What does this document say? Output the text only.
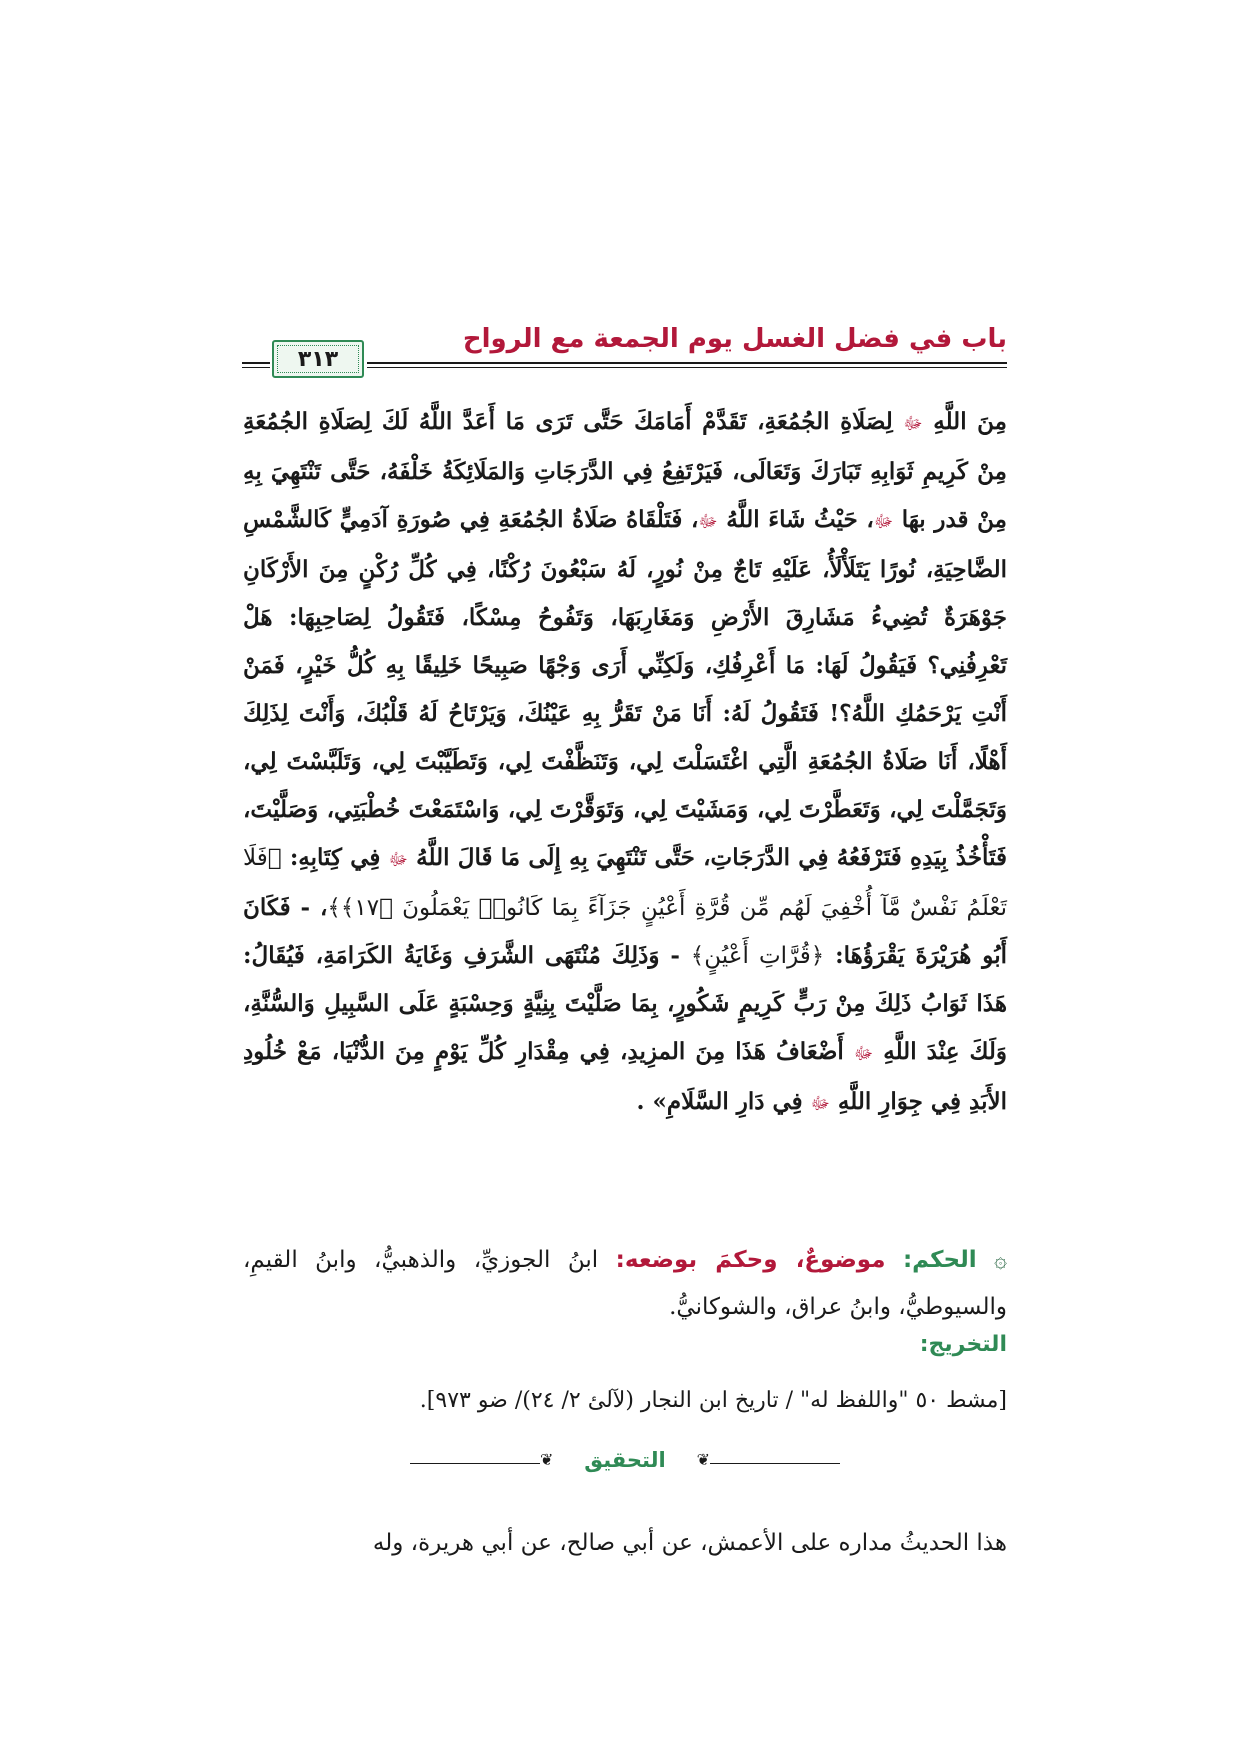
باب في فضل الغسل يوم الجمعة مع الرواح
٣١٣
مِنَ اللَّهِ ﷻ لِصَلَاةِ الجُمُعَةِ، تَقَدَّمْ أَمَامَكَ حَتَّى تَرَى مَا أَعَدَّ اللَّهُ لَكَ لِصَلَاةِ الجُمُعَةِ مِنْ كَرِيمِ ثَوَابِهِ تَبَارَكَ وَتَعَالَى، فَيَرْتَفِعُ فِي الدَّرَجَاتِ وَالمَلَائِكَةُ خَلْفَهُ، حَتَّى تَنْتَهِيَ بِهِ مِنْ قدر بهَا ﷻ، حَيْثُ شَاءَ اللَّهُ ﷻ، فَتَلْقَاهُ صَلَاةُ الجُمُعَةِ فِي صُورَةِ آدَمِيٍّ كَالشَّمْسِ الضَّاحِيَةِ، نُورًا يَتَلَأْلَأُ، عَلَيْهِ تَاجٌ مِنْ نُورٍ، لَهُ سَبْعُونَ رُكْنًا، فِي كُلِّ رُكْنٍ مِنَ الأَرْكَانِ جَوْهَرَةٌ تُضِيءُ مَشَارِقَ الأَرْضِ وَمَغَارِبَهَا، وَتَفُوحُ مِسْكًا، فَتَقُولُ لِصَاحِبِهَا: هَلْ تَعْرِفُنِي؟ فَيَقُولُ لَهَا: مَا أَعْرِفُكِ، وَلَكِنِّي أَرَى وَجْهًا صَبِيحًا خَلِيقًا بِهِ كُلُّ خَيْرٍ، فَمَنْ أَنْتِ يَرْحَمُكِ اللَّهُ؟! فَتَقُولُ لَهُ: أَنَا مَنْ تَقَرُّ بِهِ عَيْنُكَ، وَيَرْتَاحُ لَهُ قَلْبُكَ، وَأَنْتَ لِذَلِكَ أَهْلًا، أَنَا صَلَاةُ الجُمُعَةِ الَّتِي اغْتَسَلْتَ لِي، وَتَنَظَّفْتَ لِي، وَتَطَيَّبْتَ لِي، وَتَلَبَّسْتَ لِي، وَتَجَمَّلْتَ لِي، وَتَعَطَّرْتَ لِي، وَمَشَيْتَ لِي، وَتَوَقَّرْتَ لِي، وَاسْتَمَعْتَ خُطْبَتِي، وَصَلَّيْتَ، فَتَأْخُذُ بِيَدِهِ فَتَرْفَعُهُ فِي الدَّرَجَاتِ، حَتَّى تَنْتَهِيَ بِهِ إِلَى مَا قَالَ اللَّهُ ﷻ فِي كِتَابِهِ: ﴿فَلَا تَعْلَمُ نَفْسٌ مَّآ أُخْفِيَ لَهُم مِّن قُرَّةِ أَعْيُنٍ جَزَآءً بِمَا كَانُوا۟ يَعْمَلُونَ ﴿١٧﴾﴾، - فَكَانَ أَبُو هُرَيْرَةَ يَقْرَؤُهَا: ﴿قُرَّاتِ أَعْيُنٍ﴾ - وَذَلِكَ مُنْتَهَى الشَّرَفِ وَغَايَةُ الكَرَامَةِ، فَيُقَالُ: هَذَا ثَوَابُ ذَلِكَ مِنْ رَبٍّ كَرِيمٍ شَكُورٍ، بِمَا صَلَّيْتَ بِنِيَّةٍ وَحِسْبَةٍ عَلَى السَّبِيلِ وَالسُّنَّةِ، وَلَكَ عِنْدَ اللَّهِ ﷻ أَضْعَافُ هَذَا مِنَ المزِيدِ، فِي مِقْدَارِ كُلِّ يَوْمٍ مِنَ الدُّنْيَا، مَعْ خُلُودِ الأَبَدِ فِي جِوَارِ اللَّهِ ﷻ فِي دَارِ السَّلَامِ» .
۞ الحكم: موضوعٌ، وحكمَ بوضعه: ابنُ الجوزيِّ، والذهبيُّ، وابنُ القيمِ، والسيوطيُّ، وابنُ عراق، والشوكانيُّ.
التخريج:
[مشط ٥٠ "واللفظ له" / تاريخ ابن النجار (لآلئ ٢/ ٢٤)/ ضو ٩٧٣].
❦	التحقيق	❦
هذا الحديثُ مداره على الأعمش، عن أبي صالح، عن أبي هريرة، وله
